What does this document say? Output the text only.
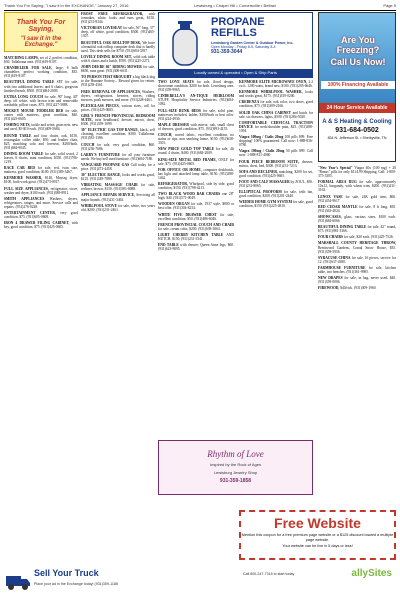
Thank You For Saying, "I saw it in the EXCHANGE," January 27, 2016	Lewisburg • Chapel Hill • Cornersville • Belfast	Page 5
Thank You For Saying,
"I saw it in the Exchange."

MATCHING LAMPS, set of 2, perfect condition, $30. Tallahoma area. (931)619-8107.

CHANDELIER FOR SALE, large, 6 bulb chandelier, perfect working condition, $35. (931)619-8107.

BEAUTIFUL DINING TABLE SET for sale, with two additional leaves, and 6 chairs, gorgeous finished bench, $500. (931)684-2009.

EXTRA LONG COUCH for sale, 90" long, 40" deep, off white, with brown trim and removable washable, pillow cases, $75. (931)227-5888.

MICKEY MOUSE TODDLER BED for sale, comes with mattress, great condition, $40. (931)425-0605.

FISHING NETS, tackle and seine, grass nets, new and used, $5-$10 each. (931)409-5684.

ROUND TABLE and four chairs, oak, $150, rectangular coffee table, $50, and leather chair, $25, matching sofa and loveseat, $200/both. (931)684-9045.

DINING ROOM TABLE for sale, solid wood, 2 leaves, 6 chairs, mint condition, $350. (931)796-1219.

RACE CAR BED for sale, red, twin size, mattress, good condition, $100. (931)389-3467.

KENMORE WASHER, $140, Maytag dryer, $100, both work great. (931)473-0917.

FULL SIZE APPLIANCES, refrigerator, stove, washer and dryer, $100 each. (931)388-8911.

SMITH APPLIANCES Washers, dryers, refrigerators, ranges, and more. Service calls and repairs. (931)276-0228.

ENTERTAINMENT CENTER, very good condition, $75. (931)605-0608.

IRON 4 DRAWER FILING CABINET, with key, good condition, $75. (931)425-0605.

FROST FREE REFRIGERATOR, with icemaker, white, looks and runs great, $150. (931)231-8344.

VICTORIAN LOVESEAT for sale, 56" long, 37" deep, off white, good condition, $300. (931)465-1307.

BEAUTIFUL OAK ROLLTOP DESK, We have a beautiful oak rolltop computer desk that is hardly used. This desk sells for $750. (931)684-3397.

LOVELY DINING ROOM SET, solid oak table with 6 chairs and a hutch, $700. (931)225-2271.

JOHN DEERE 66" RIDING MOWER for sale, $650, runs great. (931)300-6631.

TO PERSON THAT BROUGHT a big black dog to the Humane Society... Reward given for return. (931)239-4361.

FREE REMOVAL OF APPLIANCES, Washers, dryers, refrigerators, freezers, stoves, riding mowers, push mowers, and more. (931)228-4461.

PLEXIGLASS PIECES, various sizes, call for prices. (931)425-0605.

GIRL'S FRENCH PROVINCIAL BEDROOM SUITE, twin headboard, dresser, mirror, chest, $300. (931)359-1099.

30" ELECTRIC GAS TOP RANGE, black, self cleaning, excellent condition, $300. Tullahoma. (931)581-1386.

COUCH for sale, very good condition, $60. (931)236-7686.

LARRY'S FURNITURE for all your furniture needs. We buy/sell used furniture. (931)684-7180.

VANGUARD PROPANE GAS Call today for a price. (931)473-4458.

30" ELECTRIC RANGE, looks and works good, $125. (931)349-7889.

VIBRATING MASSAGE CHAIR for sale, recliner, brown, $150. (931)581-8088.

APPLIANCE REPAIR SERVICE, Servicing all major brands. (931)231-3463.

WHIRLPOOL STOVE for sale, white, two years old, $200. (931)231-2461.

PROPANE
REFILLS
Lewisburg Garden Center & Outdoor Power, Inc.
Open Monday - Friday 8-5, Saturday 8-4
931-359-3044
Locally owned & operated • Open & Ship Parts

TWO LOVE SEATS for sale, floral design, showroom condition, $200 for both. Lewisburg area. (931)359-9965.

CINDERELLA'S AN-TIQUE HEIRLOOM STUFF, Hospitality Service Industries. (931)684-1082.

FULL-SIZE BUNK BEDS for sale, solid pine, mattresses included, ladder, $300/both or best offer. (931)224-4930.

MAPLE DRESSER with mirror, oak, small chest of drawers, good condition, $75. (931)993-4155.

COUCH, waved fabric, excellent condition, no stains or rips, non smoking home, $150. (931)638-3301.

NEW PRICE GOLD TOP TABLE for sale, 4ft round, 4 chairs, $400. (931)684-2009.

KING-SIZE METAL BED FRAME, ONLY for sale, $75. (931)425-0605.

FOR OFFICE OR HOME, computer deskhutch, has light and attached lamp table, $150. (931)388-1462.

REFRIGERATOR, Whirlpool, side by side, good condition, $150. (931)798-4213.

TWO BLACK WOOD BAR CHAIRS one 28" high, $40. (931)571-0049.

WOODEN ORGAN for sale, 1937 style, $800 or best offer. (931)304-8234.

WHITE FIVE DRAWER CHEST for sale, excellent condition, $50. (931)486-6046.

FRENCH PROVINCIAL COUCH AND CHAIR for sale, cream color, $200. (931)638-3064.

LIGHT CHERRY KITCHEN TABLE AND HUTCH, $150. (931)231-5541.

END TABLE with drawer, Queen Anne legs, $60. (931)623-9895.

KENMORE ELITE MICROWAVE OVEN, 2.2 cu ft, 1200 watts, brand new, $100. (931)205-6646.

KENMORE WHIRLPOOL WASHER, looks and works great, $175. (931)359-0200.

CREDENZA for sale, oak color, two doors, good condition, $75. (931)309-2166.

SOLID OAK CHINA CABINET and hutch for sale, six drawers, lights, $500. (931)284-5020.

COMFORTABLE CERVICAL TRACTION DEVICE for neck/shoulder pain, $25. (931)388-1094.

Viagra 100mg / Cialis 20mg 100 pills $99. Free shipping! 100% guaranteed. Call now: 1-888-836-0780.

Viagra 100mg / Cialis 20mg 50 pills $99. Call now: 1-888-811-4060

FOUR PIECE BEDROOM SUITE, dresser, mirror, chest, bed, $300. (931)231-7213.

SOFA AND RECLINER, matching, $200 for set, good condition. (931)425-0605.

FOOT AND CALF MASSAGER by ZOUL, $50. (931)231-8065.

ELLIPTICAL PROFORM for sale, with fan, good condition, $200. (931)201-2440.

WEIDER HOME GYM SYSTEM for sale, good condition, $150. (931)225-4810.

Are You Freezing?
Call Us Now!
100% Financing Available
24 Hour Service Available
A & S Heating & Cooling
931-684-0502
834 N. Jefferson St. • Shelbyville, TN

"New Year's Special" Viagra 40x (100 mg) + 20 "Bonus" pills for only $114.99 Shipping. Call: 1-800-375-3305.

FORMAL AREA RUG for sale, approximately 10x12, burgundy, with wheat trim, $200. (931)231-3163.

LENOX VASE for sale, 24K gold trim, $60. (931)454-9617.

RED CEDAR MANTLE for sale, 8 ft long, $50. (931)363-4024.

SHOWCASES, glass, various sizes, $100 each. (931)684-6066.

BEAUTIFUL DINING TABLE for sale, 42" round, $75. (931)981-3366.

FOUR CHAIRS for sale, $20 each. (931)425-7526.

MARSHALL COUNTY HERITAGE THROW, Brentwood Gardens, Comal Snow House, $35. (931)359-5956.

SYRACUSE CHINA for sale, 16 pieces, service for 12. (931)637-4380.

FARMHOUSE FURNITURE for sale, kitchen table, two benches. (931)361-9985.

NEW DRAPES for sale, in bag, never used, $40. (931)359-0006.

FIREWOOD, $40/rick. (931)309-1960.

Rhythm of Love
Inspired by the Rock of Ages
Lewisburg Jewelry Shop
931-359-1858
Free Website
Mention this coupon for a free premium page website or a $125 discount toward a multiple page website.
Your website can be live in 5 days or less!
Sell Your Truck
Place your ad in the Exchange today! (931)359-1188
Call 800-247-7318 to start today	allySites
